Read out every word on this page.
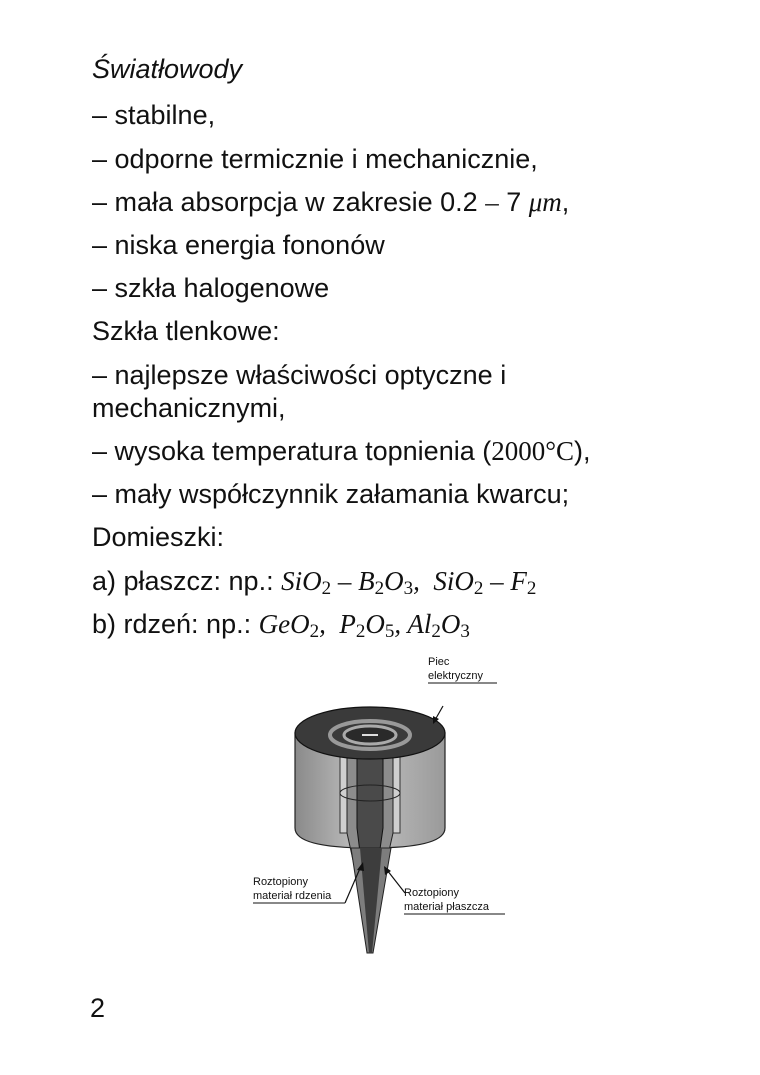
Światłowody
– stabilne,
– odporne termicznie i mechanicznie,
– mała absorpcja w zakresie 0.2 – 7 μm,
– niska energia fononów
– szkła halogenowe
Szkła tlenkowe:
– najlepsze właściwości optyczne i
mechanicznymi,
– wysoka temperatura topnienia (2000°C),
– mały współczynnik załamania kwarcu;
Domieszki:
a) płaszcz: np.: $SiO_2 - B_2O_3$,  $SiO_2 - F_2$
b) rdzeń: np.: GeO$_2$,  $P_2O_5$, $Al_2O_3$
Piec
elektryczny
Roztopiony
materiał rdzenia	Roztopiony
materiał płaszcza
2
